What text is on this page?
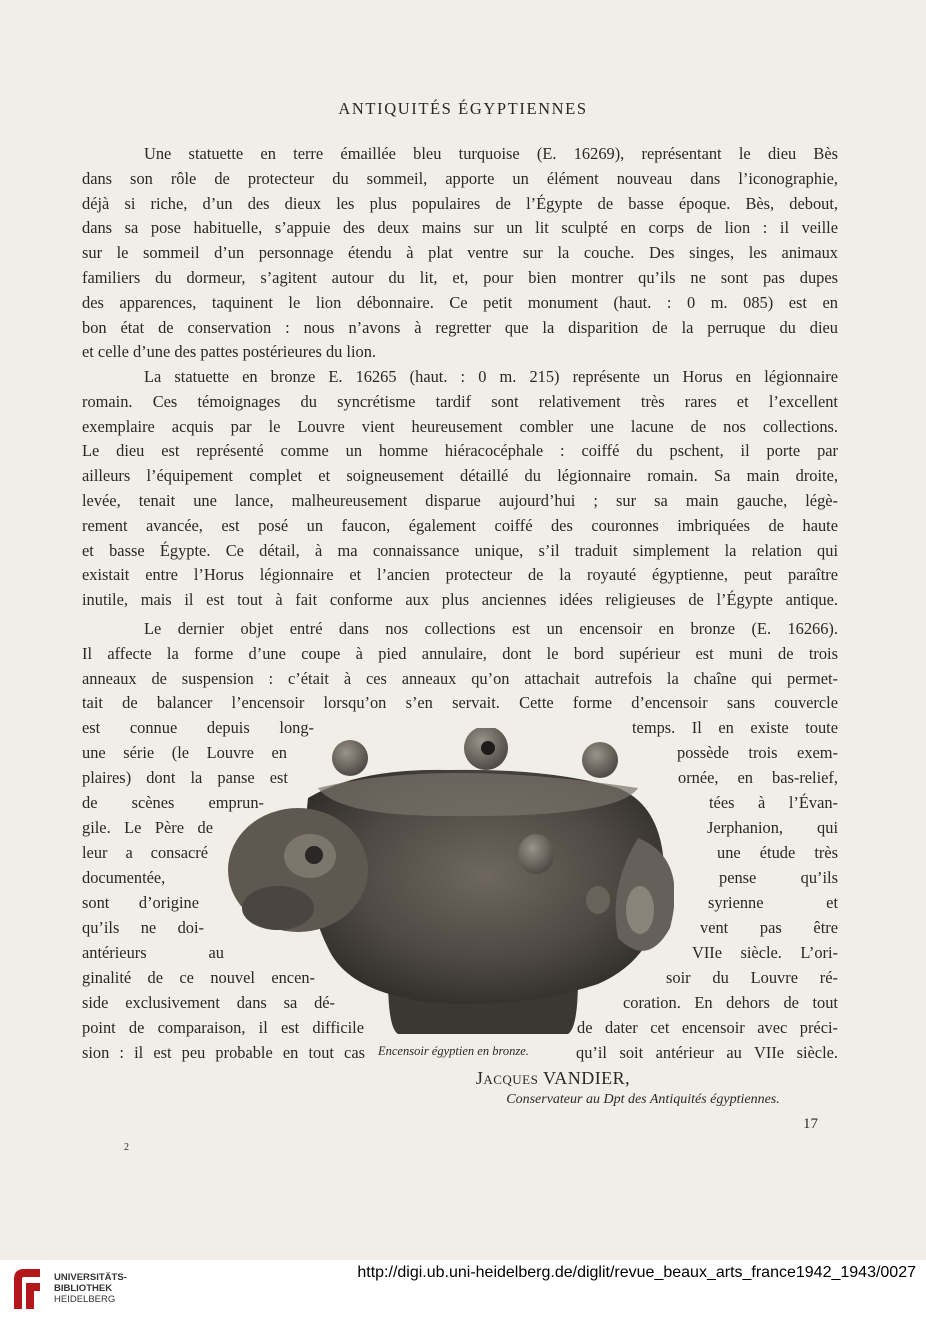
ANTIQUITÉS ÉGYPTIENNES
Une statuette en terre émaillée bleu turquoise (E. 16269), représentant le dieu Bès
dans son rôle de protecteur du sommeil, apporte un élément nouveau dans l’iconographie,
déjà si riche, d’un des dieux les plus populaires de l’Égypte de basse époque. Bès, debout,
dans sa pose habituelle, s’appuie des deux mains sur un lit sculpté en corps de lion : il veille
sur le sommeil d’un personnage étendu à plat ventre sur la couche. Des singes, les animaux
familiers du dormeur, s’agitent autour du lit, et, pour bien montrer qu’ils ne sont pas dupes
des apparences, taquinent le lion débonnaire. Ce petit monument (haut. : 0 m. 085) est en
bon état de conservation : nous n’avons à regretter que la disparition de la perruque du dieu
et celle d’une des pattes postérieures du lion.
La statuette en bronze E. 16265 (haut. : 0 m. 215) représente un Horus en légionnaire
romain. Ces témoignages du syncrétisme tardif sont relativement très rares et l’excellent
exemplaire acquis par le Louvre vient heureusement combler une lacune de nos collections.
Le dieu est représenté comme un homme hiéracocéphale : coiffé du pschent, il porte par
ailleurs l’équipement complet et soigneusement détaillé du légionnaire romain. Sa main droite,
levée, tenait une lance, malheureusement disparue aujourd’hui ; sur sa main gauche, légè-
rement avancée, est posé un faucon, également coiffé des couronnes imbriquées de haute
et basse Égypte. Ce détail, à ma connaissance unique, s’il traduit simplement la relation qui
existait entre l’Horus légionnaire et l’ancien protecteur de la royauté égyptienne, peut paraître
inutile, mais il est tout à fait conforme aux plus anciennes idées religieuses de l’Égypte antique.
Le dernier objet entré dans nos collections est un encensoir en bronze (E. 16266).
Il affecte la forme d’une coupe à pied annulaire, dont le bord supérieur est muni de trois
anneaux de suspension : c’était à ces anneaux qu’on attachait autrefois la chaîne qui permet-
tait de balancer l’encensoir lorsqu’on s’en servait. Cette forme d’encensoir sans couvercle
est connue depuis long-
une série (le Louvre en
plaires) dont la panse est
de scènes emprun-
gile. Le Père de
leur a consacré
documentée,
sont d’origine
qu’ils ne doi-
antérieurs au
ginalité de ce nouvel encen-
side exclusivement dans sa dé-
point de comparaison, il est difficile
sion : il est peu probable en tout cas
temps. Il en existe toute
possède trois exem-
ornée, en bas-relief,
tées à l’Évan-
Jerphanion, qui
une étude très
pense qu’ils
syrienne et
vent pas être
VIIe siècle. L’ori-
soir du Louvre ré-
coration. En dehors de tout
de dater cet encensoir avec préci-
qu’il soit antérieur au VIIe siècle.
Encensoir égyptien en bronze.
Jacques VANDIER,
Conservateur au Dpt des Antiquités égyptiennes.
17
2
UNIVERSITÄTS-
BIBLIOTHEK
HEIDELBERG
http://digi.ub.uni-heidelberg.de/diglit/revue_beaux_arts_france1942_1943/0027
